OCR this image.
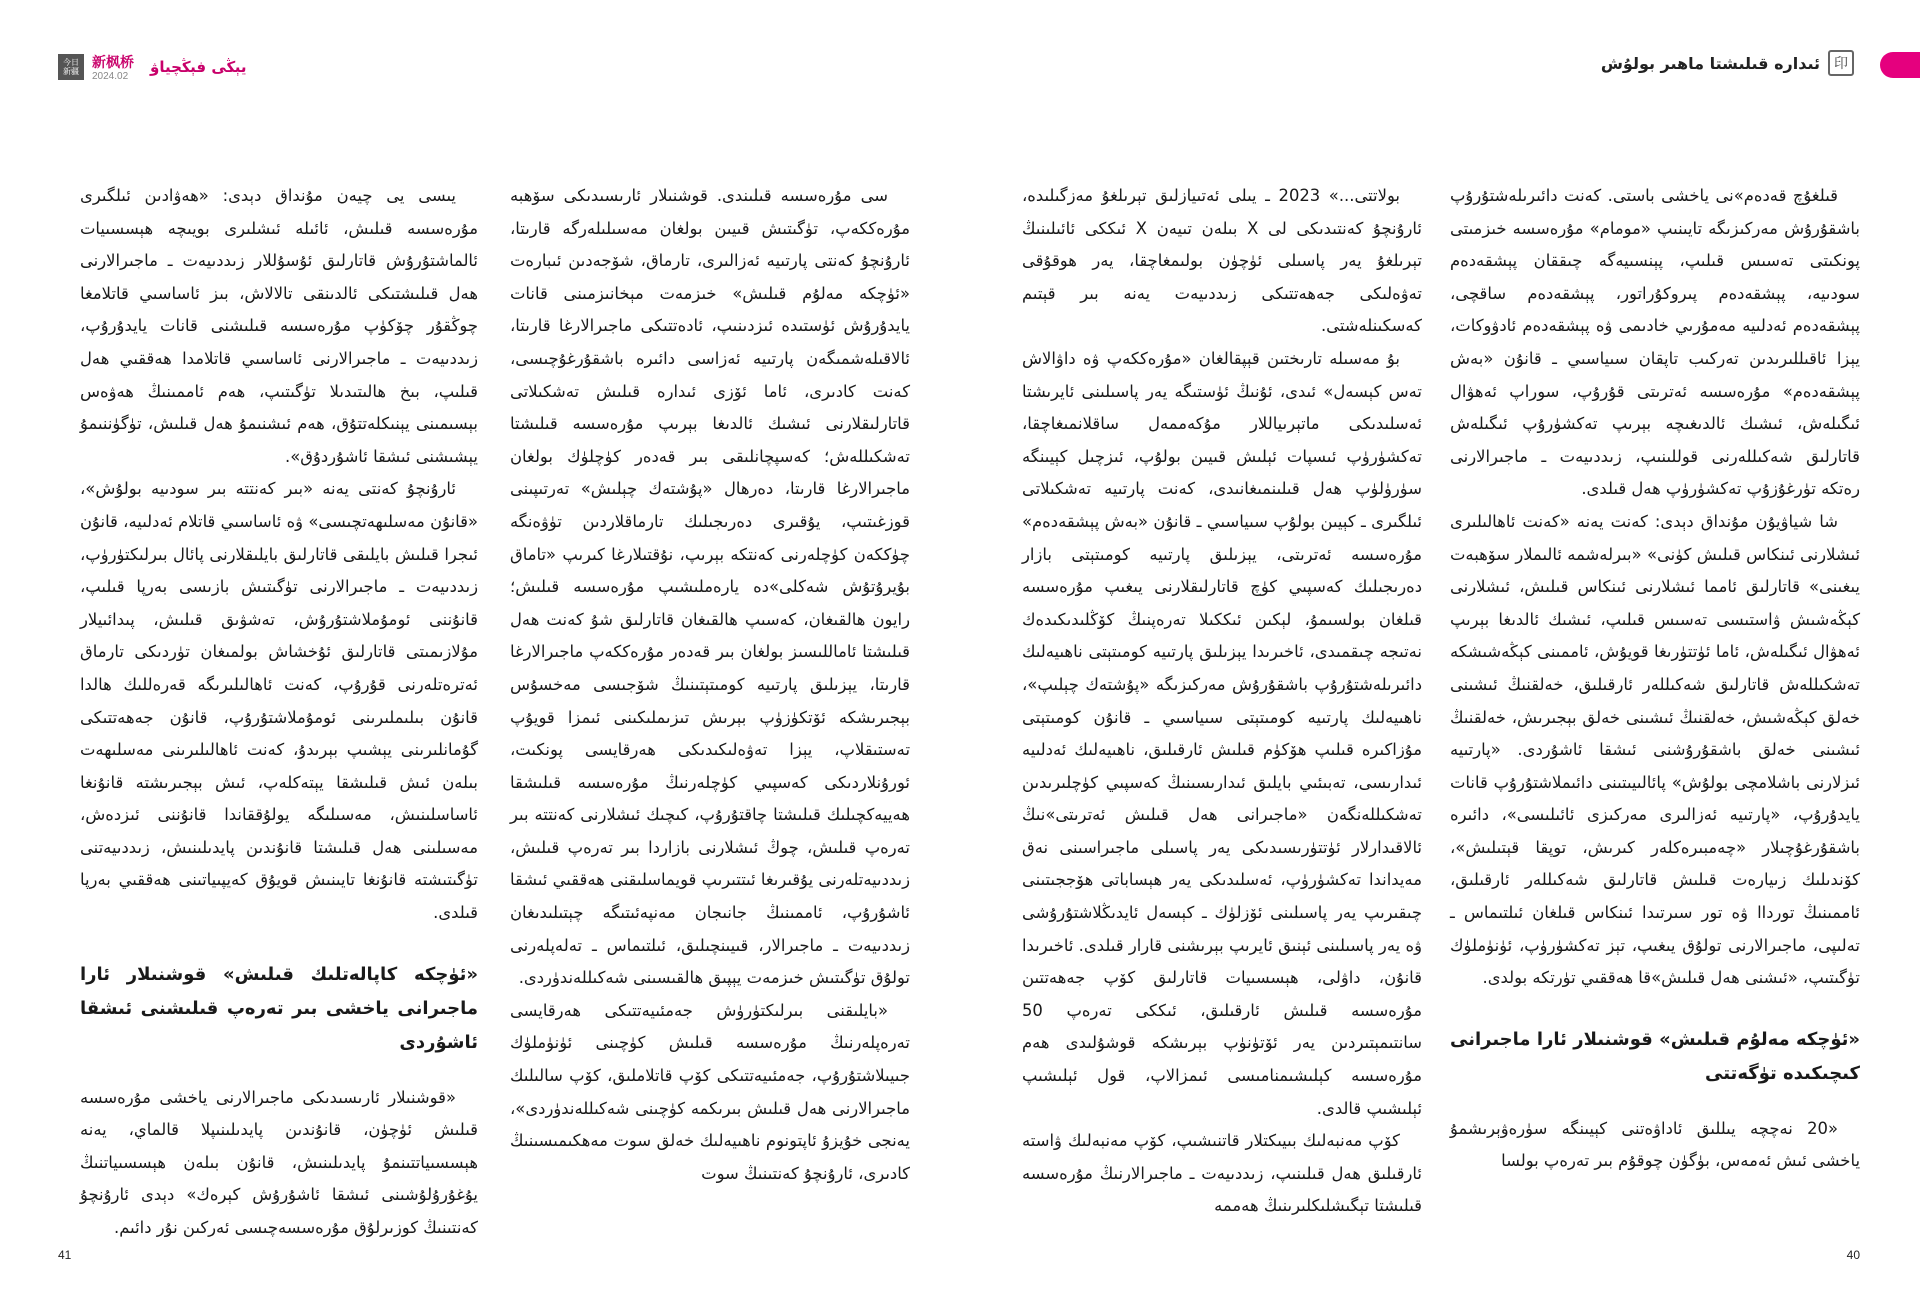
今日
新疆
新枫桥
2024.02
يېڭى فېڭچياۋ

يىسى يى چيەن مۇنداق دېدى: «ھەۋادىن ئىلگىرى مۇرەسسە قىلىش، ئائىلە ئىشلىرى بويىچە ھېسسىيات ئالماشتۇرۇش قاتارلىق ئۇسۇللار زىددىيەت ـ ماجىرالارنى ھەل قىلىشتىكى ئالدىنقى تالالاش، بىز ئاساسىي قاتلامغا چوڭقۇر چۆكۈپ مۇرەسسە قىلىشنى قانات يايدۇرۇپ، زىددىيەت ـ ماجىرالارنى ئاساسىي قاتلامدا ھەققىي ھەل قىلىپ، بىخ ھالىتىدىلا تۈگىتىپ، ھەم ئاممىنىڭ ھەۋەس بېسىمىنى يېنىكلەتتۇق، ھەم ئىشنىمۇ ھەل قىلىش، تۈگۈننىمۇ يېشىشنى ئىشقا ئاشۇردۇق».

ئارۇنچۇ كەنتى يەنە «بىر كەنتتە بىر سودىيە بولۇش»، «قانۇن مەسلىھەتچىسى» ۋە ئاساسىي قاتلام ئەدلىيە، قانۇن ئىجرا قىلىش بايلىقى قاتارلىق بايلىقلارنى پائال بىرلىكتۈرۈپ، زىددىيەت ـ ماجىرالارنى تۈگىتىش بازىسى بەرپا قىلىپ، قانۇننى ئومۇملاشتۇرۇش، تەشۋىق قىلىش، پىدائىيلار مۇلازىمىتى قاتارلىق ئۇخشاش بولمىغان تۈردىكى تارماق ئەترەتلەرنى قۇرۇپ، كەنت ئاھالىلىرىگە قەرەللىك ھالدا قانۇن بىلىملىرىنى ئومۇملاشتۇرۇپ، قانۇن جەھەتتىكى گۇمانلىرىنى يېشىپ بېرىدۇ، كەنت ئاھالىلىرىنى مەسلىھەت بىلەن ئىش قىلىشقا يېتەكلەپ، ئىش بېجىرىشتە قانۇنغا ئاساسلىنىش، مەسىلىگە يولۇققاندا قانۇننى ئىزدەش، مەسىلىنى ھەل قىلىشتا قانۇندىن پايدىلىنىش، زىددىيەتنى تۈگىتىشتە قانۇنغا تايىنىش قويۇق كەيپىياتىنى ھەققىي بەرپا قىلدى.

«ئۈچكە كاپالەتلىك قىلىش» قوشنىلار ئارا ماجىرانى ياخشى بىر تەرەپ قىلىشنى ئىشقا ئاشۇردى

«قوشنىلار ئارىسىدىكى ماجىرالارنى ياخشى مۇرەسسە قىلىش ئۈچۈن، قانۇندىن پايدىلىنىپلا قالماي، يەنە ھېسسىياتتىنمۇ پايدىلىنىش، قانۇن بىلەن ھېسسىياتنىڭ يۇغۇرۇلۇشىنى ئىشقا ئاشۇرۇش كېرەك» دېدى ئارۇنچۇ كەنتىنىڭ كوزىرلۇق مۇرەسسەچىسى ئەركىن نۇر دائىم.

سى مۇرەسسە قىلىندى. قوشنىلار ئارىسىدىكى سۆھبە مۇرەككەپ، تۈگىتىش قىيىن بولغان مەسىلىلەرگە قارىتا، ئارۇنچۇ كەنتى پارتىيە ئەزالىرى، تارماق، شۆجەدىن ئىبارەت «ئۈچكە مەلۇم قىلىش» خىزمەت مېخانىزمىنى قانات يايدۇرۇش ئۈستىدە ئىزدىنىپ، ئادەتتىكى ماجىرالارغا قارىتا، ئالاقىلەشمىگەن پارتىيە ئەزاسى دائىرە باشقۇرغۇچىسى، كەنت كادىرى، ئاما ئۆزى ئىدارە قىلىش تەشكىلاتى قاتارلىقلارنى ئىشىك ئالدىغا بېرىپ مۇرەسسە قىلىشتا تەشكىللەش؛ كەسپچانلىقى بىر قەدەر كۈچلۈك بولغان ماجىرالارغا قارىتا، دەرھال «پۇشتەك چېلىش» تەرتىپىنى قوزغىتىپ، يۇقىرى دەرىجىلىك تارماقلاردىن تۈۋەنگە چۈككەن كۈچلەرنى كەنتكە بېرىپ، نۇقتىلارغا كىرىپ «تاماق بۇيرۇتۇش شەكلى»دە يارەملىشىپ مۇرەسسە قىلىش؛ رايون ھالقىغان، كەسىپ ھالقىغان قاتارلىق شۇ كەنت ھەل قىلىشتا ئاماللىسىز بولغان بىر قەدەر مۇرەككەپ ماجىرالارغا قارىتا، يېزىلىق پارتىيە كومىتېتىنىڭ شۆجىسى مەخسۇس بېجىرىشكە ئۆتكۈزۈپ بېرىش تىزىملىكىنى ئىمزا قويۇپ تەستىقلاپ، يېزا تەۋەلىكىدىكى ھەرقايسى پونكىت، ئورۇنلاردىكى كەسپىي كۈچلەرنىڭ مۇرەسسە قىلىشقا ھەييەكچىلىك قىلىشتا چاقتۇرۇپ، كىچىك ئىشلارنى كەنتتە بىر تەرەپ قىلىش، چوڭ ئىشلارنى بازاردا بىر تەرەپ قىلىش، زىددىيەتلەرنى يۇقىرىغا ئىتتىرىپ قويماسلىقنى ھەققىي ئىشقا ئاشۇرۇپ، ئاممىنىڭ جانىجان مەنپەئىتىگە چېتىلىدىغان زىددىيەت ـ ماجىرالار، قىيىنچىلىق، ئىلتىماس ـ تەلەپلەرنى تولۇق تۈگىتىش خىزمەت يېپىق ھالقىسىنى شەكىللەندۈردى.

«بايلىقنى بىرلىكتۈرۈش جەمئىيەتتىكى ھەرقايسى تەرەپلەرنىڭ مۇرەسسە قىلىش كۈچىنى ئۈنۈملۈك جىيىلاشتۇرۇپ، جەمئىيەتتىكى كۆپ قاتلاملىق، كۆپ سالىلىك ماجىرالارنى ھەل قىلىش بىرىكمە كۈچىنى شەكىللەندۈردى»، يەنجى خۇيزۇ ئاپتونوم ناھىيەلىك خەلق سوت مەھكىمىسىنىڭ كادىرى، ئارۇنچۇ كەنتىنىڭ سوت

41
印
ئىدارە قىلىشتا ماھىر بولۇش

بولاتتى...» 2023 ـ يىلى ئەتىيازلىق تېرىلغۇ مەزگىلىدە، ئارۇنچۇ كەنتىدىكى لى X بىلەن تىيەن X ئىككى ئائىلىنىڭ تېرىلغۇ يەر پاسىلى ئۈچۈن بولىمغاچقا، يەر ھوقۇقى تەۋەلىكى جەھەتتىكى زىددىيەت يەنە بىر قېتىم كەسكىنلەشتى.

بۇ مەسىلە تارىختىن قېپقالغان «مۇرەككەپ ۋە داۋالاش تەس كېسەل» ئىدى، ئۇنىڭ ئۈستىگە يەر پاسىلىنى ئايرىشتا ئەسلىدىكى ماتېرىياللار مۇكەممەل ساقلانمىغاچقا، تەكشۈرۈپ ئىسپات ئېلىش قىيىن بولۇپ، ئىزچىل كېيىنگە سۈرۈلۈپ ھەل قىلىنمىغانىدى، كەنت پارتىيە تەشكىلاتى ئىلگىرى ـ كېيىن بولۇپ سىياسىي ـ قانۇن «بەش پېشقەدەم» مۇرەسسە ئەترىتى، يېزىلىق پارتىيە كومىتېتى بازار دەرىجىلىك كەسپىي كۈچ قاتارلىقلارنى يىغىپ مۇرەسسە قىلغان بولسىمۇ، لېكىن ئىككىلا تەرەپنىڭ كۆڭلىدىكىدەك نەتىجە چىقمىدى، ئاخىرىدا يېزىلىق پارتىيە كومىتېتى ناھىيەلىك دائىرىلەشتۇرۇپ باشقۇرۇش مەركىزىگە «پۇشتەك چېلىپ»، ناھىيەلىك پارتىيە كومىتېتى سىياسىي ـ قانۇن كومىتېتى مۇزاكىرە قىلىپ ھۆكۈم قىلىش ئارقىلىق، ناھىيەلىك ئەدلىيە ئىدارىسى، تەبىئىي بايلىق ئىدارىسىنىڭ كەسپىي كۈچلىرىدىن تەشكىللەنگەن «ماجىرانى ھەل قىلىش ئەترىتى»نىڭ ئالاقىدارلار ئۈتتۈرىسىدىكى يەر پاسىلى ماجىراسىنى نەق مەيداندا تەكشۈرۈپ، ئەسلىدىكى يەر ھېساباتى ھۆججىتىنى چىقىرىپ يەر پاسىلىنى ئۆزلۈك ـ كېسەل ئايدىڭلاشتۇرۇشى ۋە يەر پاسىلىنى ئېنىق ئايرىپ بېرىشنى قارار قىلدى. ئاخىرىدا قانۇن، داۋلى، ھېسسىيات قاتارلىق كۆپ جەھەتتىن مۇرەسسە قىلىش ئارقىلىق، ئىككى تەرەپ 50 سانتىمېتىردىن يەر ئۆتۈنۈپ بېرىشكە قوشۇلىدى ھەم مۇرەسسە كېلىشىمنامىسى ئىمزالاپ، قول ئېلىشىپ ئېلىشىپ قالدى.

كۆپ مەنبەلىك بىيىكتلار قاتنىشىپ، كۆپ مەنبەلىك ۋاستە ئارقىلىق ھەل قىلىنىپ، زىددىيەت ـ ماجىرالارنىڭ مۇرەسسە قىلىشتا تېگىشلىكلىرىنىڭ ھەممە

قىلغۇچ قەدەم»نى ياخشى باستى. كەنت دائىرىلەشتۇرۇپ باشقۇرۇش مەركىزىگە تايىنىپ «مومام» مۇرەسسە خىزمىتى پونكىتى تەسىس قىلىپ، پېنسىيەگە چىققان پېشقەدەم سودىيە، پېشقەدەم پىروكۇراتور، پېشقەدەم ساقچى، پېشقەدەم ئەدلىيە مەمۇرىي خادىمى ۋە پېشقەدەم ئادۋوكات، يېزا ئاقىللىرىدىن تەركىب تاپقان سىياسىي ـ قانۇن «بەش پېشقەدەم» مۇرەسسە ئەترىتى قۇرۇپ، سوراپ ئەھۋال ئىگىلەش، ئىشىك ئالدىغىچە بېرىپ تەكشۈرۇپ ئىگىلەش قاتارلىق شەكىللەرنى قوللىنىپ، زىددىيەت ـ ماجىرالارنى رەتكە تۈرغۇزۇپ تەكشۈرۈپ ھەل قىلدى.

شا شياۋيۇن مۇنداق دېدى: كەنت يەنە «كەنت ئاھالىلىرى ئىشلارنى ئىنكاس قىلىش كۈنى» «بىرلەشمە ئالىملار سۆھبەت يىغىنى» قاتارلىق ئامما ئىشلارنى ئىنكاس قىلىش، ئىشلارنى كېڭەشىش ۋاستىسى تەسىس قىلىپ، ئىشىك ئالدىغا بېرىپ ئەھۋال ئىگىلەش، ئاما ئۈتتۈرىغا قويۇش، ئاممىنى كېڭەشىشكە تەشكىللەش قاتارلىق شەكىللەر ئارقىلىق، خەلقنىڭ ئىشىنى خەلق كېڭەشىش، خەلقنىڭ ئىشىنى خەلق بېجىرىش، خەلقنىڭ ئىشىنى خەلق باشقۇرۇشنى ئىشقا ئاشۇردى. «پارتىيە ئىزلارنى باشلامچى بولۇش» پائالىيىتىنى دائىملاشتۇرۇپ قانات يايدۇرۇپ، «پارتىيە ئەزالىرى مەركىزى ئائىلىسى»، دائىرە باشقۇرغۇچىلار «چەمبىرەكلەر كىرىش، توپقا قېتىلىش»، كۆندىلىك زىيارەت قىلىش قاتارلىق شەكىللەر ئارقىلىق، ئاممىنىڭ تورداا ۋە تور سىرتىدا ئىنكاس قىلغان ئىلتىماس ـ تەلىپى، ماجىرالارنى تولۇق يىغىپ، تېز تەكشۈرۈپ، ئۈنۈملۈك تۈگىتىپ، «ئىشنى ھەل قىلىش»قا ھەققىي تۈرتكە بولدى.

«ئۈچكە مەلۇم قىلىش» قوشنىلار ئارا ماجىرانى كىچىكىدە تۈگەتتى

«20 نەچچە يىللىق ئاداۋەتنى كېيىنگە سۈرەۋېرىشمۇ ياخشى ئىش ئەمەس، بۈگۈن چوقۇم بىر تەرەپ بولسا

40
